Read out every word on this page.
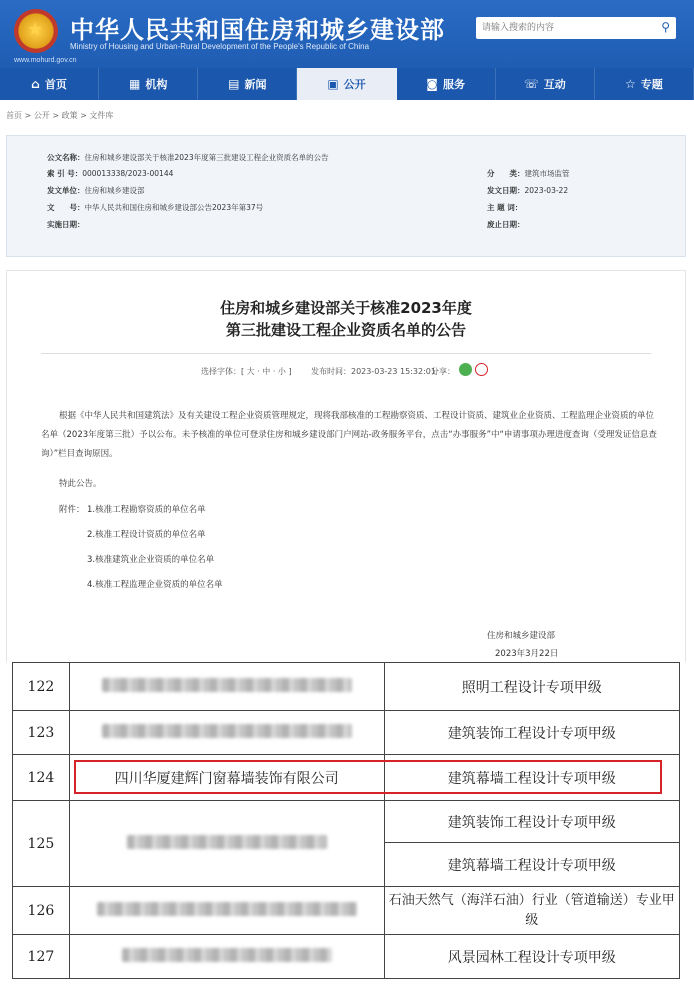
★ 中华人民共和国住房和城乡建设部
Ministry of Housing and Urban-Rural Development of the People's Republic of China
www.mohurd.gov.cn
请输入搜索的内容
⚲
⌂ 首页	▦ 机构	▤ 新闻	▣ 公开	◙ 服务	☏ 互动	☆ 专题
首页 > 公开 > 政策 > 文件库
公文名称：住房和城乡建设部关于核准2023年度第三批建设工程企业资质名单的公告
索 引 号：000013338/2023-00144
发文单位：住房和城乡建设部
文　　号：中华人民共和国住房和城乡建设部公告2023年第37号
实施日期：
分　　类：建筑市场监管
发文日期：2023-03-22
主 题 词：
废止日期：
住房和城乡建设部关于核准2023年度
第三批建设工程企业资质名单的公告
选择字体：[ 大 · 中 · 小 ] 发布时间：2023-03-23 15:32:01
分享：
根据《中华人民共和国建筑法》及有关建设工程企业资质管理规定，现将我部核准的工程勘察资质、工程设计资质、建筑业企业资质、工程监理企业资质的单位名单（2023年度第三批）予以公布。未予核准的单位可登录住房和城乡建设部门户网站-政务服务平台，点击“办事服务”中“申请事项办理进度查询（受理发证信息查询）”栏目查询原因。
特此公告。
附件： 1.核准工程勘察资质的单位名单
2.核准工程设计资质的单位名单
3.核准建筑业企业资质的单位名单
4.核准工程监理企业资质的单位名单
住房和城乡建设部
2023年3月22日
122		照明工程设计专项甲级
123		建筑装饰工程设计专项甲级
124	四川华厦建辉门窗幕墙装饰有限公司	建筑幕墙工程设计专项甲级
125		建筑装饰工程设计专项甲级
		建筑幕墙工程设计专项甲级
126		石油天然气（海洋石油）行业（管道输送）专业甲级
127		风景园林工程设计专项甲级
